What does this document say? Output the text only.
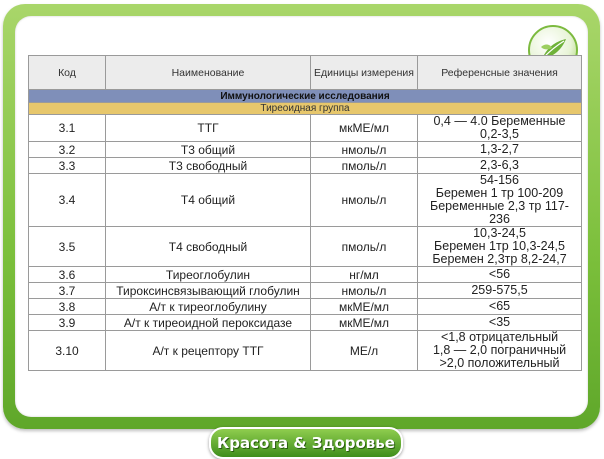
Код	Наименование	Единицы измерения	Референсные значения
Иммунологические исследования			
Тиреоидная группа			
3.1	ТТГ	мкМЕ/мл	0,4 — 4.0 Беременные
0,2-3,5

3.2	Т3 общий	нмоль/л	1,3-2,7

3.3	Т3 свободный	пмоль/л	2,3-6,3

3.4	Т4 общий	нмоль/л	54-156
Беремен 1 тр 100-209
Беременные 2,3 тр 117-
236

3.5	Т4 свободный	пмоль/л	10,3-24,5
Беремен 1тр 10,3-24,5
Беремен 2,3тр 8,2-24,7

3.6	Тиреоглобулин	нг/мл	<56

3.7	Тироксинсвязывающий глобулин	нмоль/л	259-575,5

3.8	А/т к тиреоглобулину	мкМЕ/мл	<65

3.9	А/т к тиреоидной пероксидазе	мкМЕ/мл	<35

3.10	А/т к рецептору ТТГ	МЕ/л	<1,8 отрицательный
1,8 — 2,0 пограничный
>2,0 положительный
Красота & Здоровье
